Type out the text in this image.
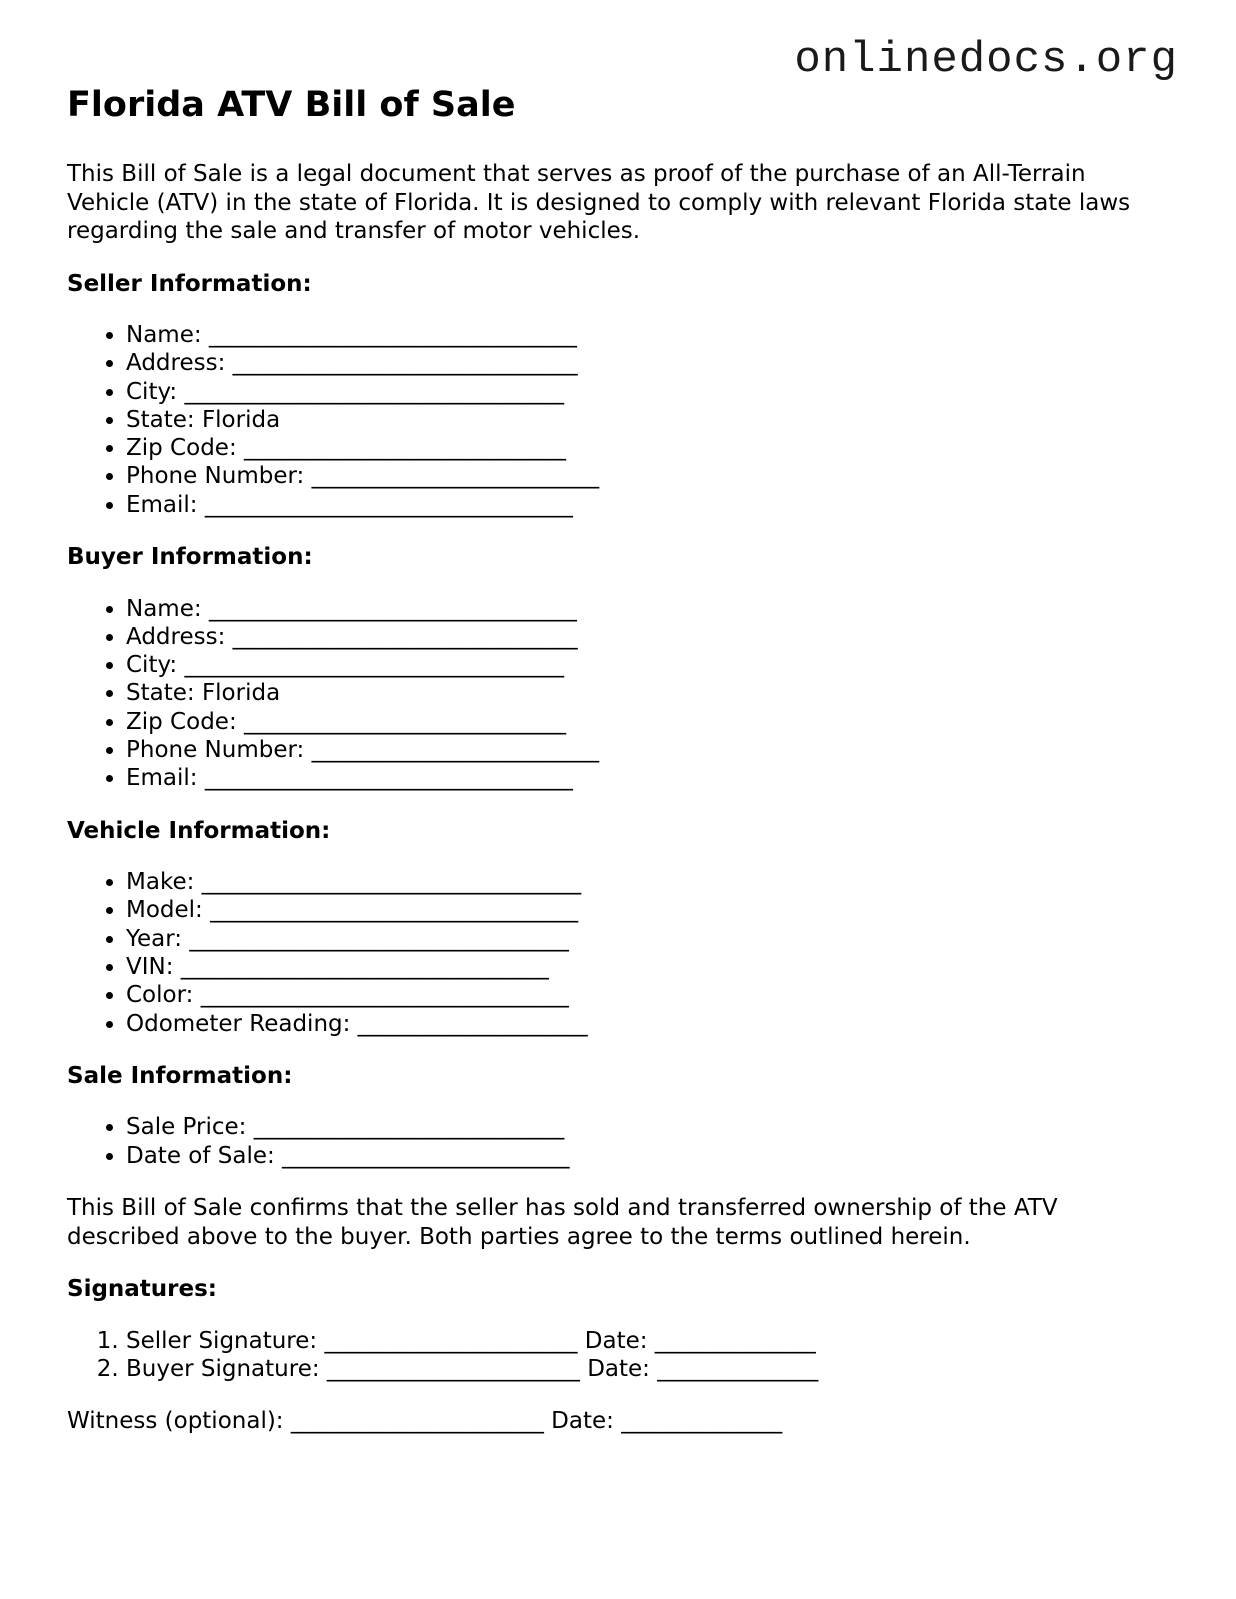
onlinedocs.org
Florida ATV Bill of Sale

This Bill of Sale is a legal document that serves as proof of the purchase of an All-Terrain Vehicle (ATV) in the state of Florida. It is designed to comply with relevant Florida state laws regarding the sale and transfer of motor vehicles.

Seller Information:
• Name: ________________________________
• Address: ______________________________
• City: _________________________________
• State: Florida
• Zip Code: ____________________________
• Phone Number: _________________________
• Email: ________________________________
Buyer Information:
• Name: ________________________________
• Address: ______________________________
• City: _________________________________
• State: Florida
• Zip Code: ____________________________
• Phone Number: _________________________
• Email: ________________________________
Vehicle Information:
• Make: _________________________________
• Model: ________________________________
• Year: _________________________________
• VIN: ________________________________
• Color: ________________________________
• Odometer Reading: ____________________
Sale Information:
• Sale Price: ___________________________
• Date of Sale: _________________________

This Bill of Sale confirms that the seller has sold and transferred ownership of the ATV described above to the buyer. Both parties agree to the terms outlined herein.

Signatures:
1. Seller Signature: ______________________ Date: ______________
2. Buyer Signature: ______________________ Date: ______________

Witness (optional): ______________________ Date: ______________
